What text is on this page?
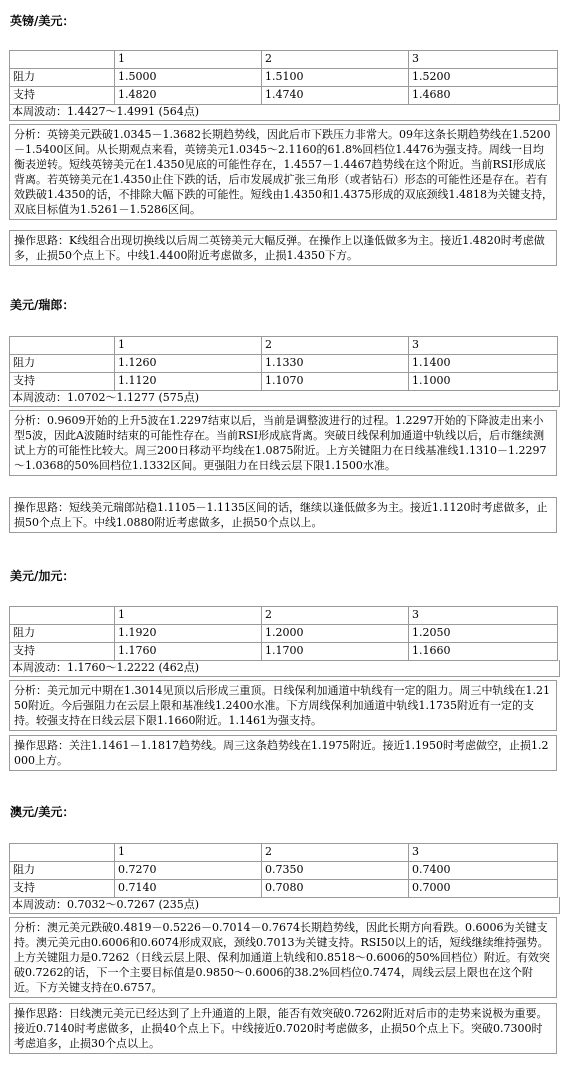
英镑/美元：
	1	2	3
阻力	1.5000	1.5100	1.5200
支持	1.4820	1.4740	1.4680
本周波动：1.4427～1.4991 (564点)
分析：英镑美元跌破1.0345－1.3682长期趋势线，因此后市下跌压力非常大。09年这条长期趋势线在1.5200－1.5400区间。从长期观点来看，英镑美元1.0345～2.1160的61.8%回档位1.4476为强支持。周线一目均衡表逆转。短线英镑美元在1.4350见底的可能性存在，1.4557－1.4467趋势线在这个附近。当前RSI形成底背离。若英镑美元在1.4350止住下跌的话，后市发展成扩张三角形（或者钻石）形态的可能性还是存在。若有效跌破1.4350的话，不排除大幅下跌的可能性。短线由1.4350和1.4375形成的双底颈线1.4818为关键支持，双底目标值为1.5261－1.5286区间。
操作思路：K线组合出现切换线以后周二英镑美元大幅反弹。在操作上以逢低做多为主。接近1.4820时考虑做多，止损50个点上下。中线1.4400附近考虑做多，止损1.4350下方。
美元/瑞郎：
	1	2	3
阻力	1.1260	1.1330	1.1400
支持	1.1120	1.1070	1.1000
本周波动：1.0702～1.1277 (575点)
分析：0.9609开始的上升5波在1.2297结束以后，当前是调整波进行的过程。1.2297开始的下降波走出来小型5波，因此A波随时结束的可能性存在。当前RSI形成底背离。突破日线保利加通道中轨线以后，后市继续测试上方的可能性比较大。周三200日移动平均线在1.0875附近。上方关键阻力在日线基准线1.1310－1.2297～1.0368的50%回档位1.1332区间。更强阻力在日线云层下限1.1500水准。
操作思路：短线美元瑞郎站稳1.1105－1.1135区间的话，继续以逢低做多为主。接近1.1120时考虑做多，止损50个点上下。中线1.0880附近考虑做多，止损50个点以上。
美元/加元：
	1	2	3
阻力	1.1920	1.2000	1.2050
支持	1.1760	1.1700	1.1660
本周波动：1.1760～1.2222 (462点)
分析：美元加元中期在1.3014见顶以后形成三重顶。日线保利加通道中轨线有一定的阻力。周三中轨线在1.2150附近。今后强阻力在云层上限和基准线1.2400水准。下方周线保利加通道中轨线1.1735附近有一定的支持。较强支持在日线云层下限1.1660附近。1.1461为强支持。
操作思路：关注1.1461－1.1817趋势线。周三这条趋势线在1.1975附近。接近1.1950时考虑做空，止损1.2000上方。
澳元/美元：
	1	2	3
阻力	0.7270	0.7350	0.7400
支持	0.7140	0.7080	0.7000
本周波动：0.7032～0.7267 (235点)
分析：澳元美元跌破0.4819－0.5226－0.7014－0.7674长期趋势线，因此长期方向看跌。0.6006为关键支持。澳元美元由0.6006和0.6074形成双底，颈线0.7013为关键支持。RSI50以上的话，短线继续维持强势。上方关键阻力是0.7262（日线云层上限、保利加通道上轨线和0.8518～0.6006的50%回档位）附近。有效突破0.7262的话，下一个主要目标值是0.9850～0.6006的38.2%回档位0.7474，周线云层上限也在这个附近。下方关键支持在0.6757。
操作思路：日线澳元美元已经达到了上升通道的上限，能否有效突破0.7262附近对后市的走势来说极为重要。接近0.7140时考虑做多，止损40个点上下。中线接近0.7020时考虑做多，止损50个点上下。突破0.7300时考虑追多，止损30个点以上。
